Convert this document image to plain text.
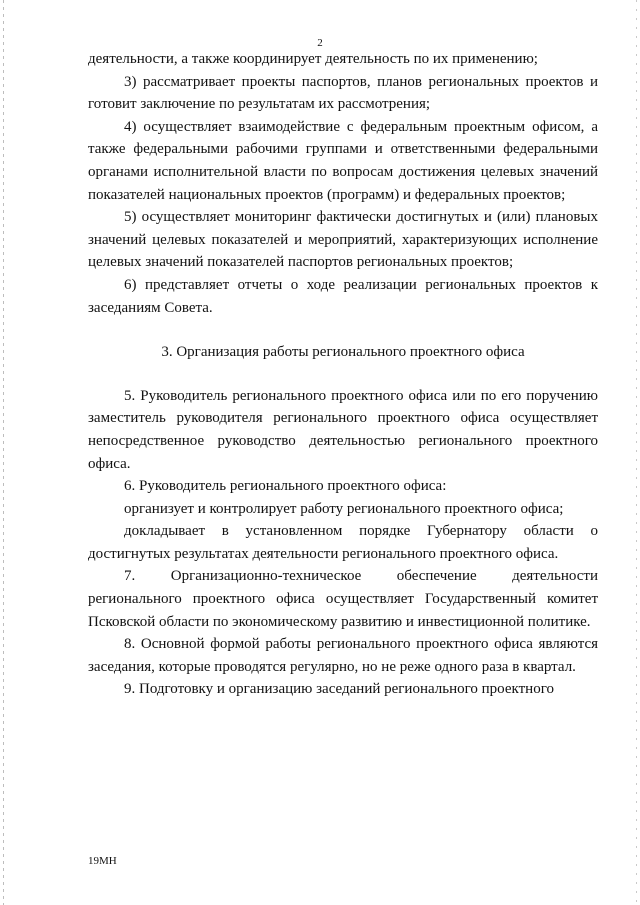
2

деятельности, а также координирует деятельность по их применению;

3) рассматривает проекты паспортов, планов региональных проектов и готовит заключение по результатам их рассмотрения;

4) осуществляет взаимодействие с федеральным проектным офисом, а также федеральными рабочими группами и ответственными федеральными органами исполнительной власти по вопросам достижения целевых значений показателей национальных проектов (программ) и федеральных проектов;

5) осуществляет мониторинг фактически достигнутых и (или) плановых значений целевых показателей и мероприятий, характеризующих исполнение целевых значений показателей паспортов региональных проектов;

6) представляет отчеты о ходе реализации региональных проектов к заседаниям Совета.

3. Организация работы регионального проектного офиса

5. Руководитель регионального проектного офиса или по его поручению заместитель руководителя регионального проектного офиса осуществляет непосредственное руководство деятельностью регионального проектного офиса.

6. Руководитель регионального проектного офиса:

организует и контролирует работу регионального проектного офиса;

докладывает в установленном порядке Губернатору области о достигнутых результатах деятельности регионального проектного офиса.

7. Организационно-техническое обеспечение деятельности регионального проектного офиса осуществляет Государственный комитет Псковской области по экономическому развитию и инвестиционной политике.

8. Основной формой работы регионального проектного офиса являются заседания, которые проводятся регулярно, но не реже одного раза в квартал.

9. Подготовку и организацию заседаний регионального проектного

19МН
